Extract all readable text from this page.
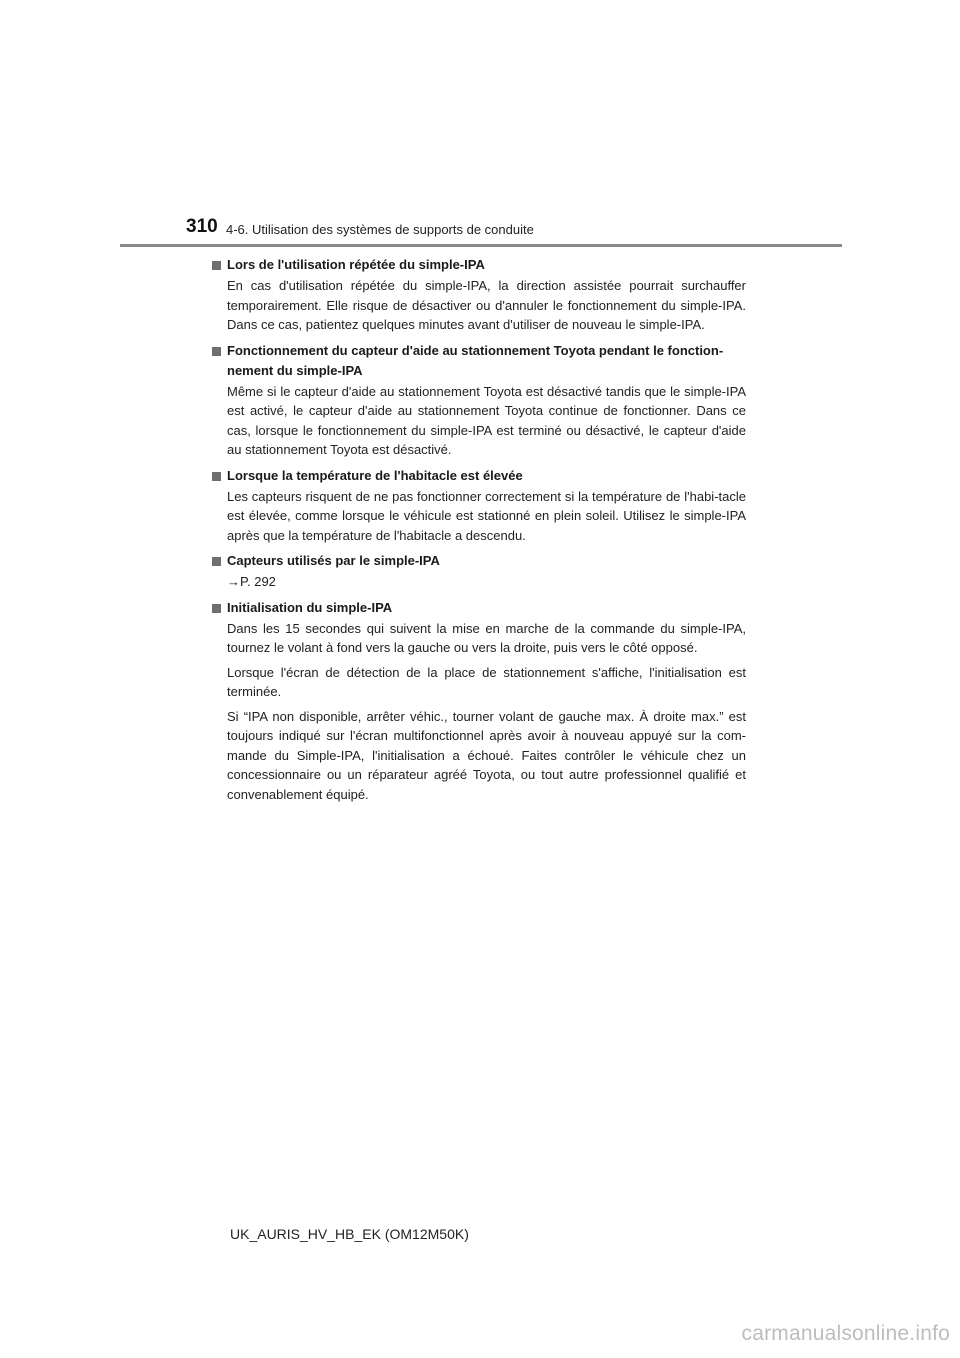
310 4-6. Utilisation des systèmes de supports de conduite
Lors de l'utilisation répétée du simple-IPA

En cas d'utilisation répétée du simple-IPA, la direction assistée pourrait surchauffer temporairement. Elle risque de désactiver ou d'annuler le fonctionnement du simple-IPA. Dans ce cas, patientez quelques minutes avant d'utiliser de nouveau le simple-IPA.

Fonctionnement du capteur d'aide au stationnement Toyota pendant le fonction-nement du simple-IPA

Même si le capteur d'aide au stationnement Toyota est désactivé tandis que le simple-IPA est activé, le capteur d'aide au stationnement Toyota continue de fonctionner. Dans ce cas, lorsque le fonctionnement du simple-IPA est terminé ou désactivé, le capteur d'aide au stationnement Toyota est désactivé.

Lorsque la température de l'habitacle est élevée

Les capteurs risquent de ne pas fonctionner correctement si la température de l'habi-tacle est élevée, comme lorsque le véhicule est stationné en plein soleil. Utilisez le simple-IPA après que la température de l'habitacle a descendu.

Capteurs utilisés par le simple-IPA

→P. 292

Initialisation du simple-IPA

Dans les 15 secondes qui suivent la mise en marche de la commande du simple-IPA, tournez le volant à fond vers la gauche ou vers la droite, puis vers le côté opposé.

Lorsque l'écran de détection de la place de stationnement s'affiche, l'initialisation est terminée.

Si “IPA non disponible, arrêter véhic., tourner volant de gauche max. À droite max.” est toujours indiqué sur l'écran multifonctionnel après avoir à nouveau appuyé sur la com-mande du Simple-IPA, l'initialisation a échoué. Faites contrôler le véhicule chez un concessionnaire ou un réparateur agréé Toyota, ou tout autre professionnel qualifié et convenablement équipé.

UK_AURIS_HV_HB_EK (OM12M50K)
carmanualsonline.info
